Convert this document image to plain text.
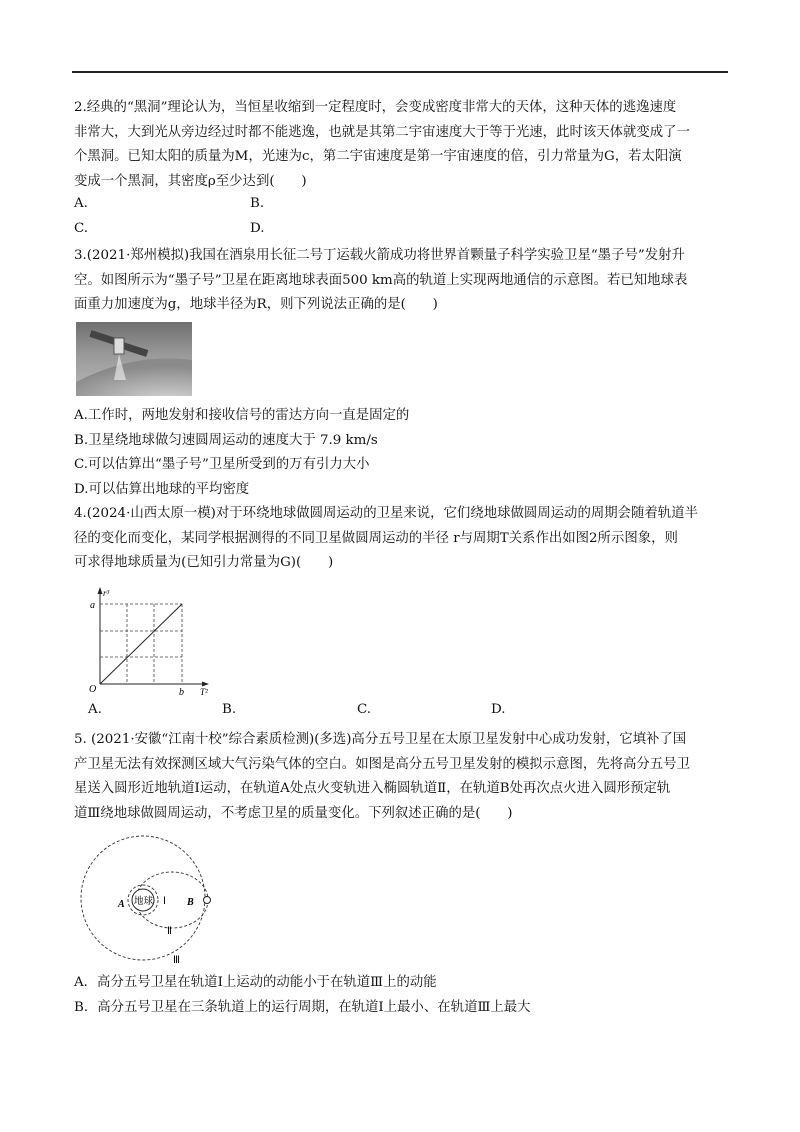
2.经典的“黑洞”理论认为，当恒星收缩到一定程度时，会变成密度非常大的天体，这种天体的逃逸速度
非常大，大到光从旁边经过时都不能逃逸，也就是其第二宇宙速度大于等于光速，此时该天体就变成了一
个黑洞。已知太阳的质量为M，光速为c，第二宇宙速度是第一宇宙速度的倍，引力常量为G，若太阳演
变成一个黑洞，其密度ρ至少达到(　　)
A.	B.
C.	D.
3.(2021·郑州模拟)我国在酒泉用长征二号丁运载火箭成功将世界首颗量子科学实验卫星“墨子号”发射升
空。如图所示为“墨子号”卫星在距离地球表面500 km高的轨道上实现两地通信的示意图。若已知地球表
面重力加速度为g，地球半径为R，则下列说法正确的是(　　)
A.工作时，两地发射和接收信号的雷达方向一直是固定的
B.卫星绕地球做匀速圆周运动的速度大于 7.9 km/s
C.可以估算出“墨子号”卫星所受到的万有引力大小
D.可以估算出地球的平均密度
4.(2024·山西太原一模)对于环绕地球做圆周运动的卫星来说，它们绕地球做圆周运动的周期会随着轨道半
径的变化而变化，某同学根据测得的不同卫星做圆周运动的半径 r与周期T关系作出如图2所示图象，则
可求得地球质量为(已知引力常量为G)(　　)
r³
T²
a
b
O
A.	B.	C.	D.
5. (2021·安徽“江南十校”综合素质检测)(多选)高分五号卫星在太原卫星发射中心成功发射，它填补了国
产卫星无法有效探测区域大气污染气体的空白。如图是高分五号卫星发射的模拟示意图，先将高分五号卫
星送入圆形近地轨道Ⅰ运动，在轨道A处点火变轨进入椭圆轨道Ⅱ，在轨道B处再次点火进入圆形预定轨
道Ⅲ绕地球做圆周运动，不考虑卫星的质量变化。下列叙述正确的是(　　)
地球 Ⅰ
A	B
Ⅱ
Ⅲ
A．高分五号卫星在轨道Ⅰ上运动的动能小于在轨道Ⅲ上的动能
B．高分五号卫星在三条轨道上的运行周期，在轨道Ⅰ上最小、在轨道Ⅲ上最大
